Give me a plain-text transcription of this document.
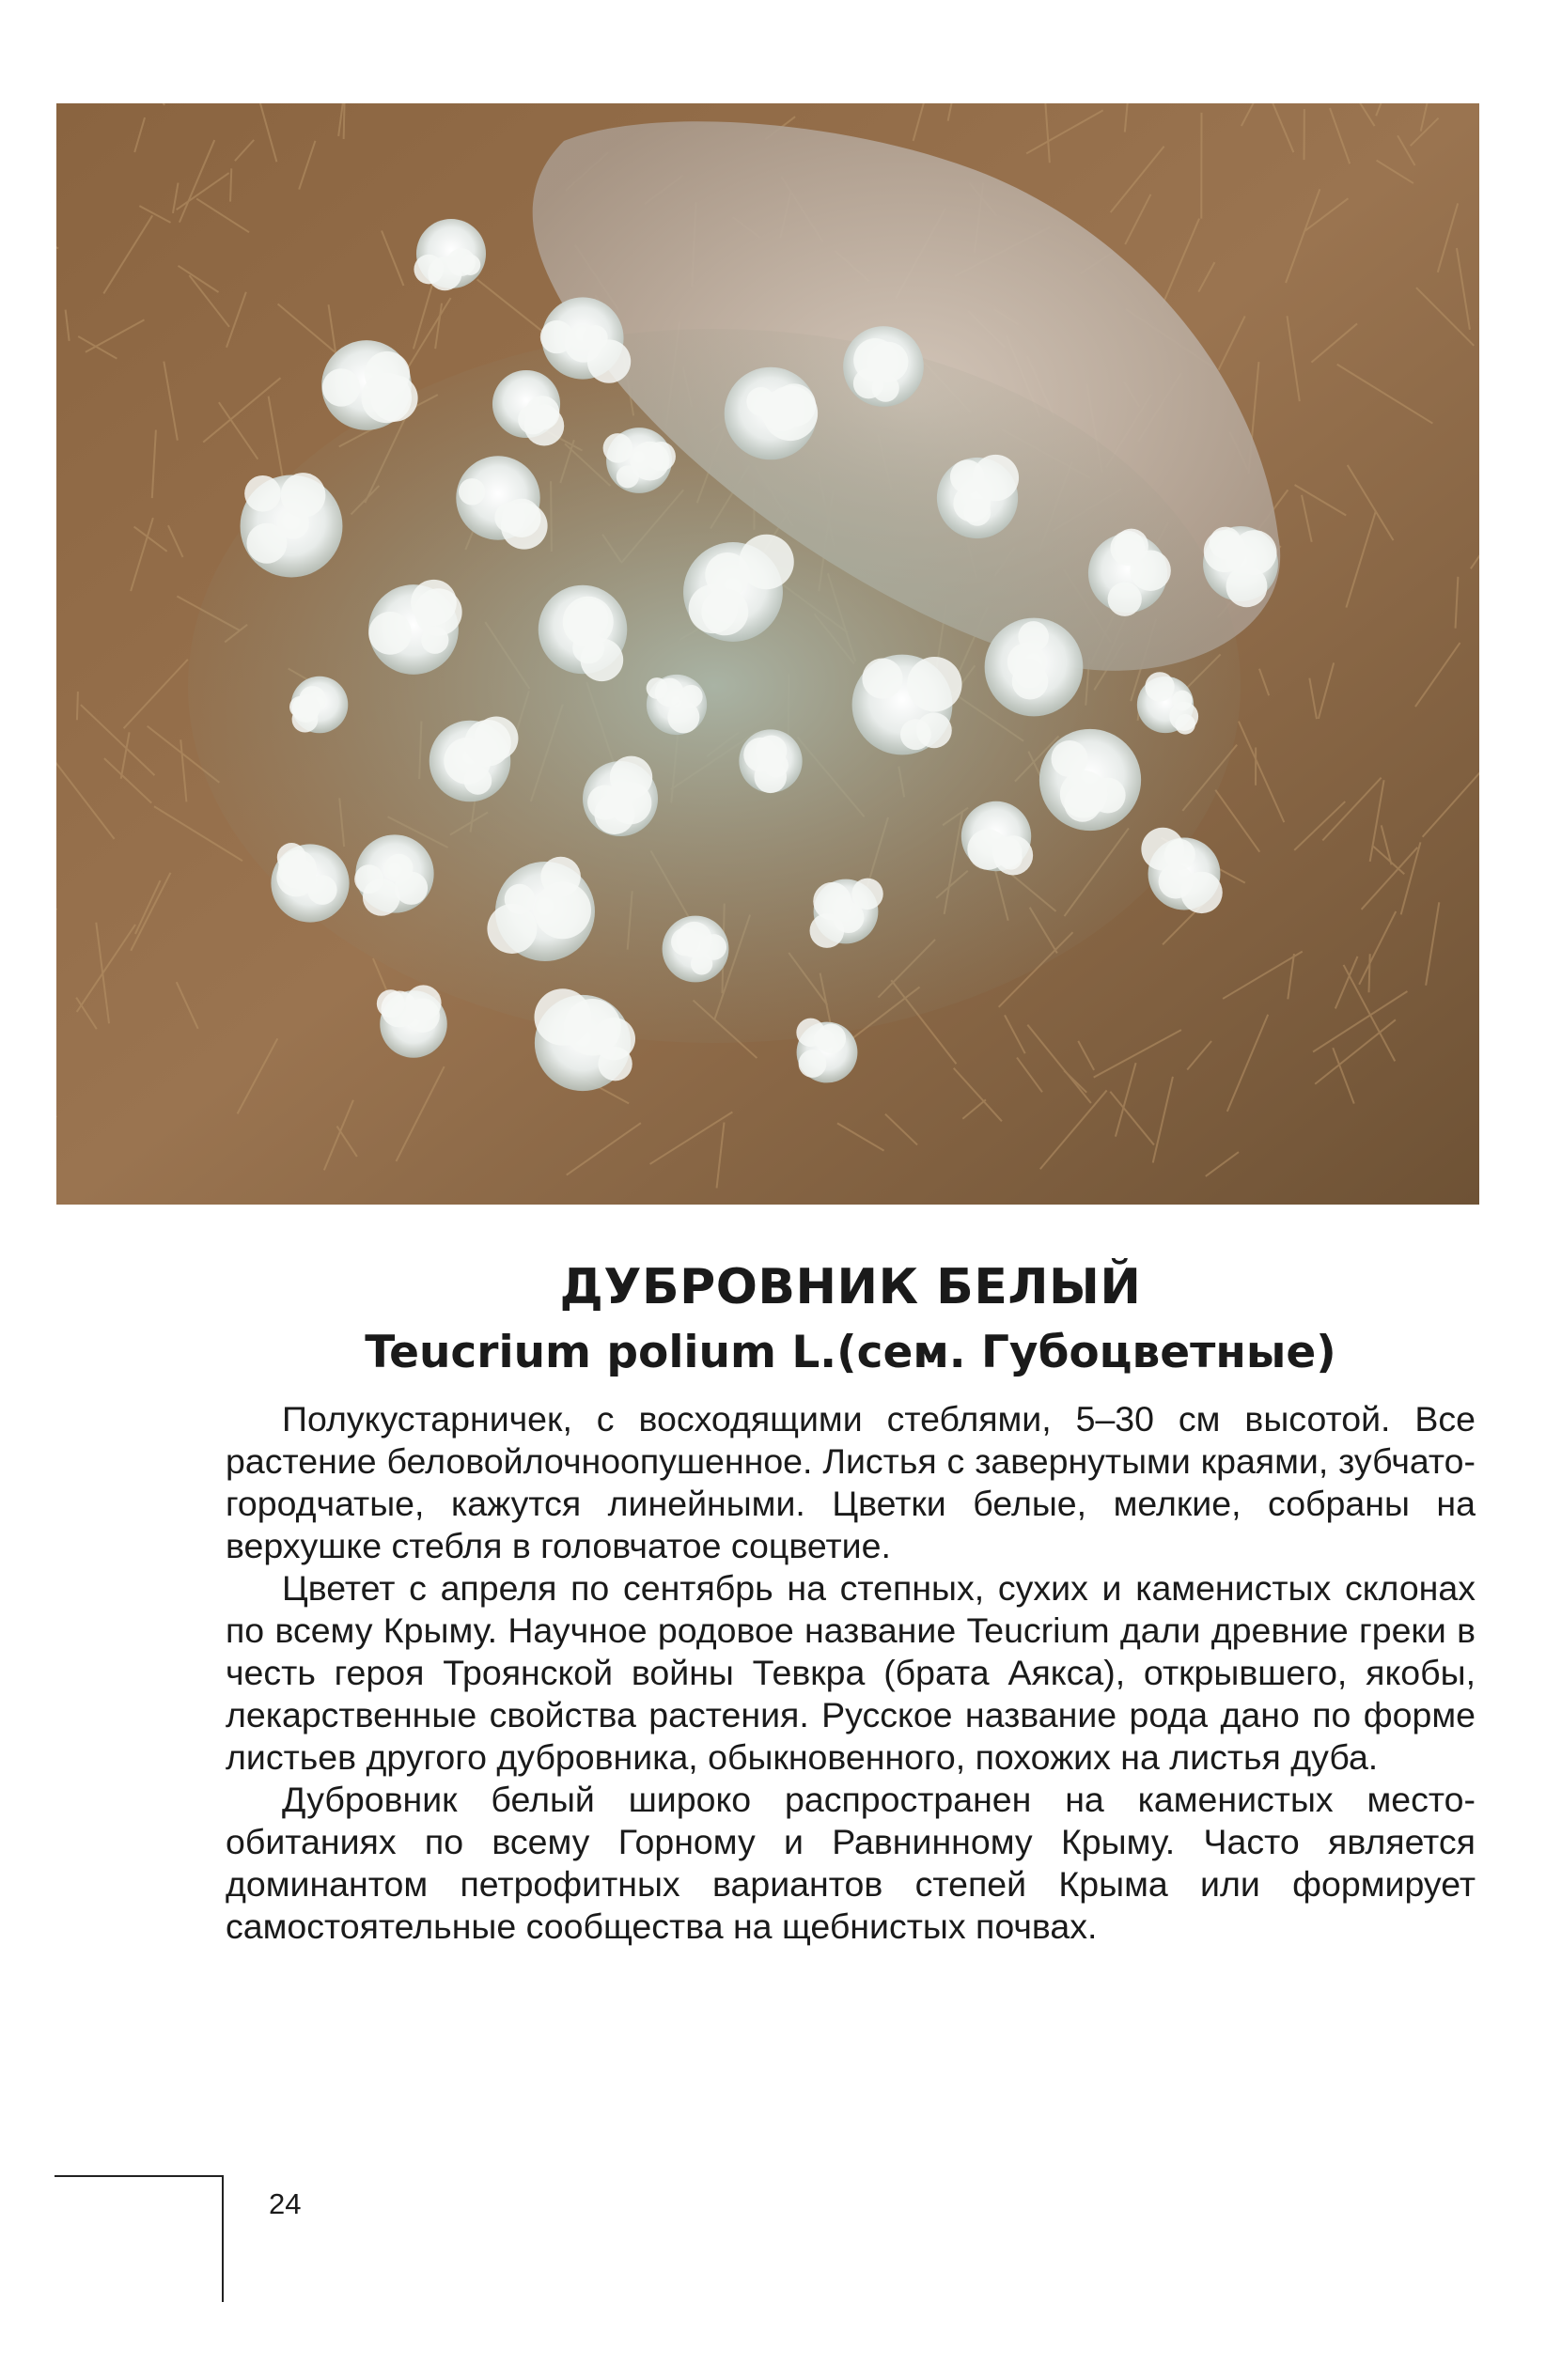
ДУБРОВНИК БЕЛЫЙ
Teucrium polium L.(сем. Губоцветные)

Полукустарничек, с восходящими стеблями, 5–30 см высотой. Все растение беловойлочноопушенное. Листья с завернутыми краями, зубчато-городчатые, кажутся линейными. Цветки белые, мелкие, собраны на верхушке стебля в головчатое соцветие.

Цветет с апреля по сентябрь на степных, сухих и каменистых склонах по всему Крыму. Научное родовое название Teucrium дали древние греки в честь героя Троянской войны Тевкра (брата Аякса), открывшего, якобы, лекарственные свойства растения. Русское название рода дано по форме листьев другого дубровника, обыкновенного, похожих на листья дуба.

Дубровник белый широко распространен на каменистых местообитаниях по всему Горному и Равнинному Крыму. Часто является доминантом петрофитных вариантов степей Крыма или формирует самостоятельные сообщества на щебнистых почвах.

24
